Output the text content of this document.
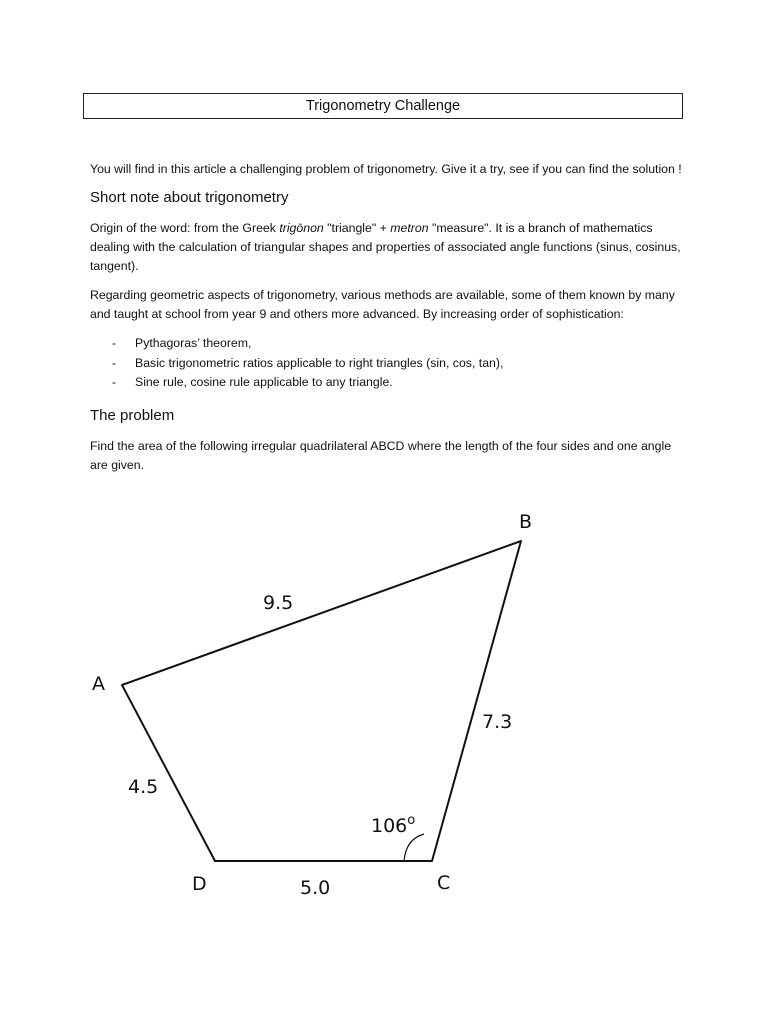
Trigonometry Challenge

You will find in this article a challenging problem of trigonometry. Give it a try, see if you can find the solution !

Short note about trigonometry

Origin of the word: from the Greek trigōnon "triangle" + metron "measure". It is a branch of mathematics dealing with the calculation of triangular shapes and properties of associated angle functions (sinus, cosinus, tangent).

Regarding geometric aspects of trigonometry, various methods are available, some of them known by many and taught at school from year 9 and others more advanced. By increasing order of sophistication:

- Pythagoras’ theorem,
- Basic trigonometric ratios applicable to right triangles (sin, cos, tan),
- Sine rule, cosine rule applicable to any triangle.
The problem

Find the area of the following irregular quadrilateral ABCD where the length of the four sides and one angle are given.

B
A
D	C
9.5
7.3
4.5
5.0
106$^o$
